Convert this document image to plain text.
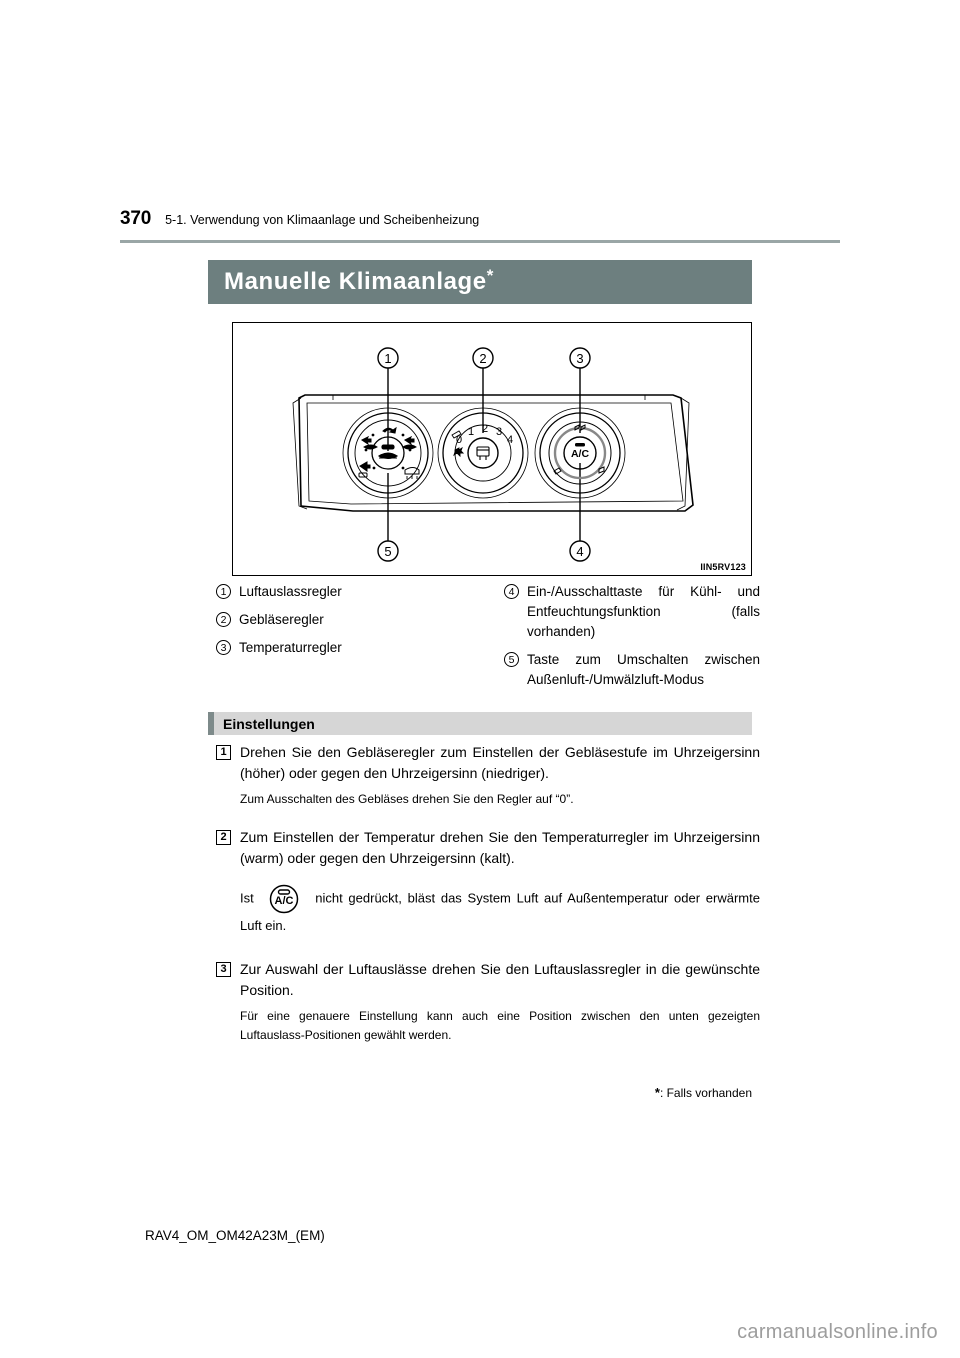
370 5-1. Verwendung von Klimaanlage und Scheibenheizung
Manuelle Klimaanlage *
1	2	3
5	4
0
1 2 3
4
A/C
IIN5RV123
1 Luftauslassregler
2 Gebläseregler
3 Temperaturregler
4 Ein-/Ausschalttaste für Kühl- und Entfeuchtungsfunktion (falls vorhanden)
5 Taste zum Umschalten zwischen Außenluft-/Umwälzluft-Modus
Einstellungen
1 Drehen Sie den Gebläseregler zum Einstellen der Gebläsestufe im Uhrzeigersinn (höher) oder gegen den Uhrzeigersinn (niedriger).
Zum Ausschalten des Gebläses drehen Sie den Regler auf “0”.
2 Zum Einstellen der Temperatur drehen Sie den Temperaturregler im Uhrzeigersinn (warm) oder gegen den Uhrzeigersinn (kalt).
Ist A/C nicht gedrückt, bläst das System Luft auf Außentemperatur oder erwärmte Luft ein.
3 Zur Auswahl der Luftauslässe drehen Sie den Luftauslassregler in die gewünschte Position.
Für eine genauere Einstellung kann auch eine Position zwischen den unten gezeigten Luftauslass-Positionen gewählt werden.
*: Falls vorhanden
RAV4_OM_OM42A23M_(EM)
carmanualsonline.info
